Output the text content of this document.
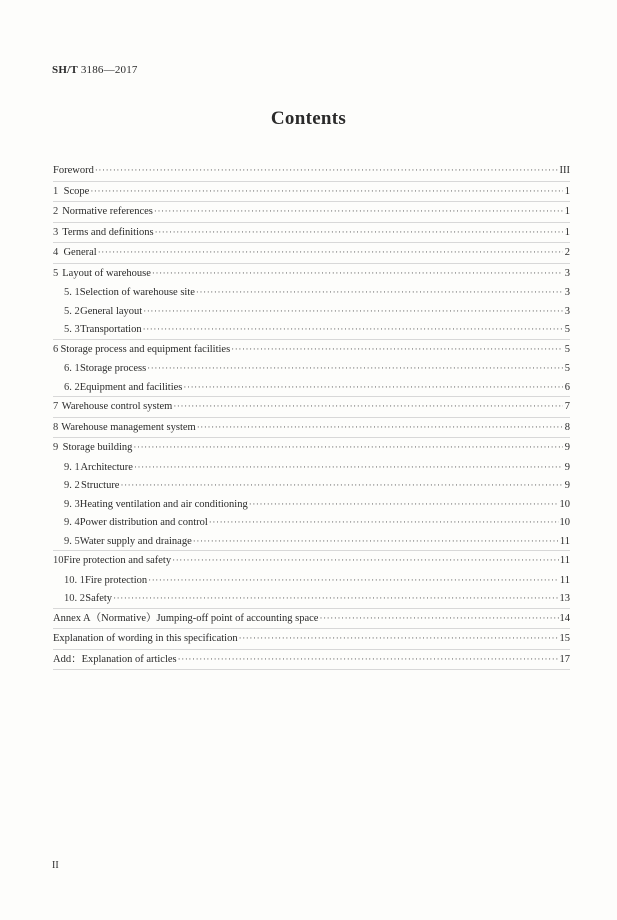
SH/T 3186—2017
Contents
Foreword ·····	III
1 Scope ·····	1
2 Normative references ·····	1
3 Terms and definitions ·····	1
4 General ·····	2
5 Layout of warehouse ·····	3
5. 1 Selection of warehouse site ·····	3
5. 2 General layout ·····	3
5. 3 Transportation ·····	5
6 Storage process and equipment facilities ·····	5
6. 1 Storage process ·····	5
6. 2 Equipment and facilities ·····	6
7 Warehouse control system ·····	7
8 Warehouse management system ·····	8
9 Storage building ·····	9
9. 1 Architecture ·····	9
9. 2 Structure ·····	9
9. 3 Heating ventilation and air conditioning ·····	10
9. 4 Power distribution and control ·····	10
9. 5 Water supply and drainage ·····	11
10 Fire protection and safety ·····	11
10. 1 Fire protection ·····	11
10. 2 Safety ·····	13
Annex A（Normative）Jumping-off point of accounting space ·····	14
Explanation of wording in this specification ·····	15
Add：Explanation of articles ·····	17
II
